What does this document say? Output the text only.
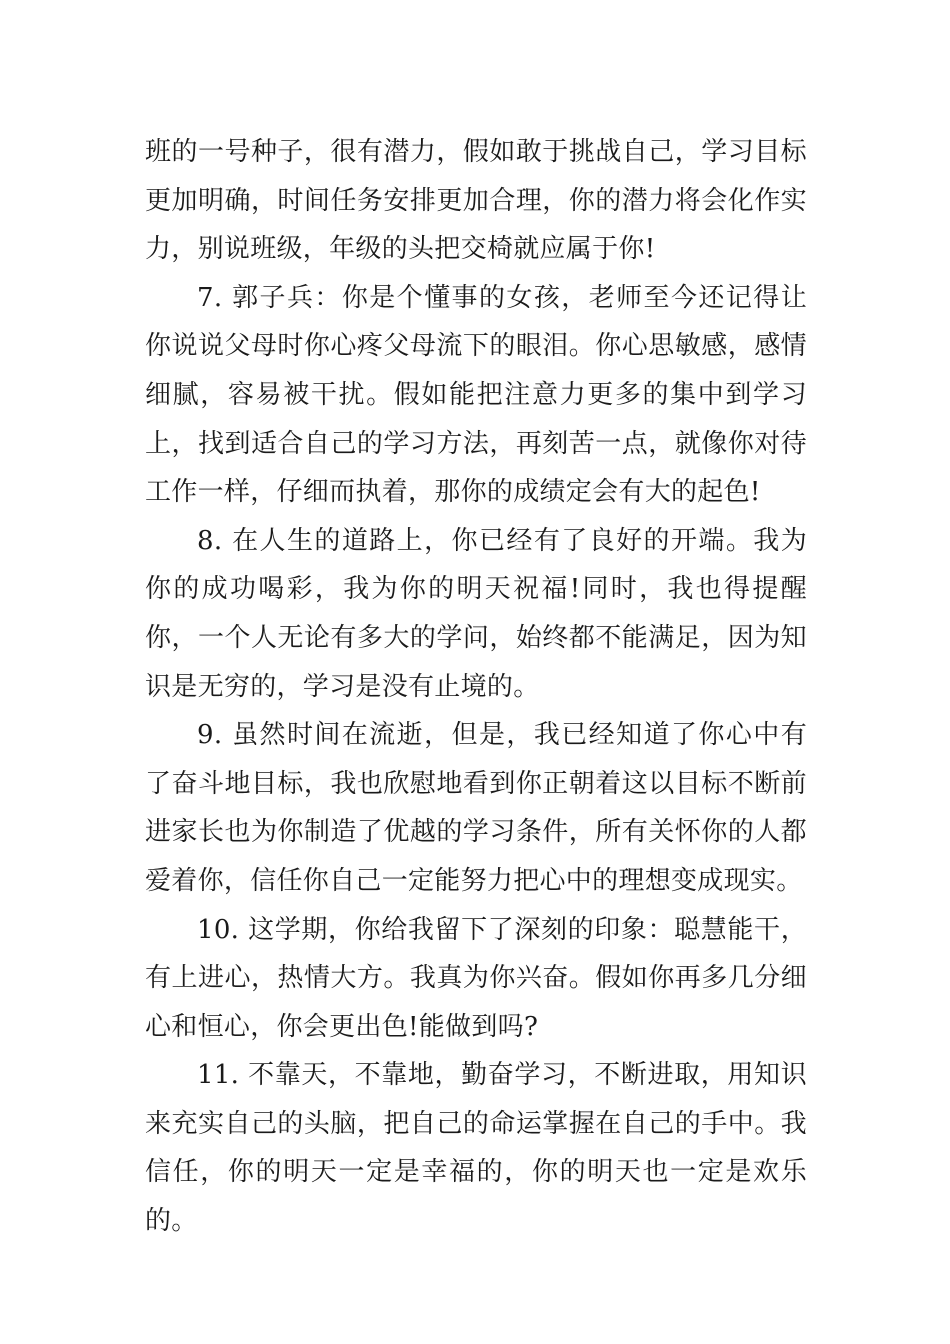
班的一号种子，很有潜力，假如敢于挑战自己，学习目标更加明确，时间任务安排更加合理，你的潜力将会化作实力，别说班级，年级的头把交椅就应属于你!

7. 郭子兵：你是个懂事的女孩，老师至今还记得让你说说父母时你心疼父母流下的眼泪。你心思敏感，感情细腻，容易被干扰。假如能把注意力更多的集中到学习上，找到适合自己的学习方法，再刻苦一点，就像你对待工作一样，仔细而执着，那你的成绩定会有大的起色!

8. 在人生的道路上，你已经有了良好的开端。我为你的成功喝彩，我为你的明天祝福!同时，我也得提醒你，一个人无论有多大的学问，始终都不能满足，因为知识是无穷的，学习是没有止境的。

9. 虽然时间在流逝，但是，我已经知道了你心中有了奋斗地目标，我也欣慰地看到你正朝着这以目标不断前进家长也为你制造了优越的学习条件，所有关怀你的人都爱着你，信任你自己一定能努力把心中的理想变成现实。

10. 这学期，你给我留下了深刻的印象：聪慧能干，有上进心，热情大方。我真为你兴奋。假如你再多几分细心和恒心，你会更出色!能做到吗?

11. 不靠天，不靠地，勤奋学习，不断进取，用知识来充实自己的头脑，把自己的命运掌握在自己的手中。我信任，你的明天一定是幸福的，你的明天也一定是欢乐的。
